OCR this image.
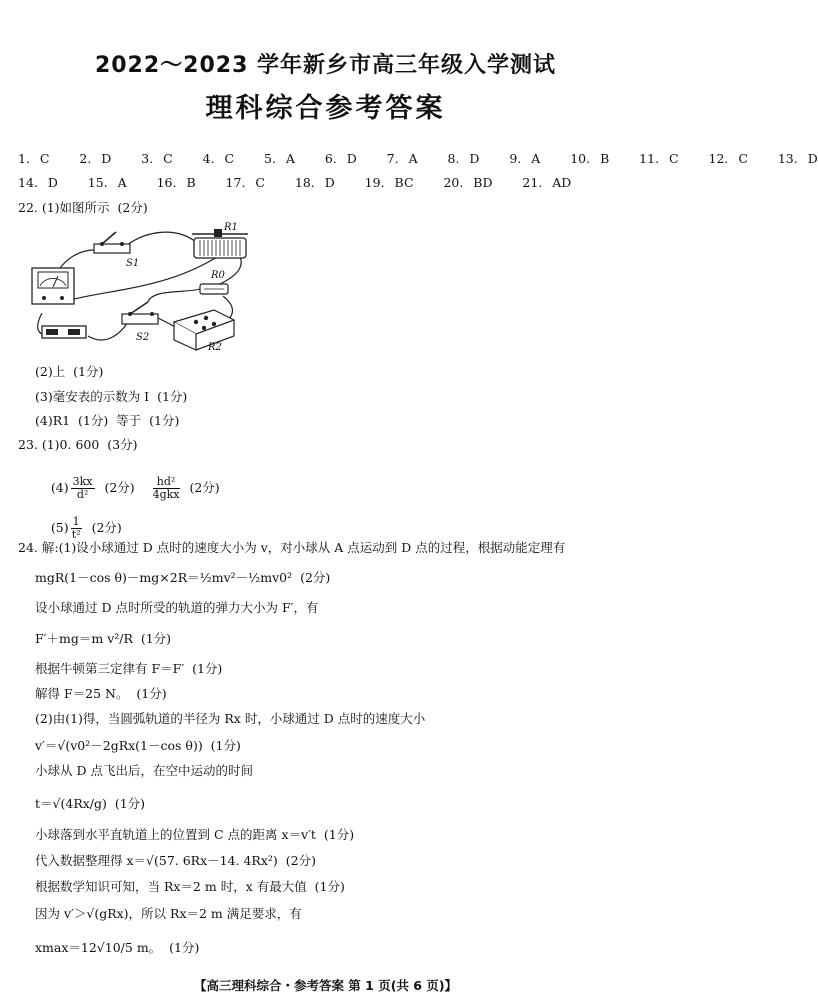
2022～2023 学年新乡市高三年级入学测试
理科综合参考答案
1. C   2. D   3. C   4. C   5. A   6. D   7. A   8. D   9. A   10. B   11. C   12. C   13. D
14. D   15. A   16. B   17. C   18. D   19. BC   20. BD   21. AD
22. (1)如图所示  (2分)
S1
R1
R0
S2
R2
(2)上  (1分)
(3)毫安表的示数为 I  (1分)
(4)R1  (1分)  等于  (1分)
23. (1)0. 600  (3分)

$(4) \frac{3kx}{\text{d²}} (2$分) $\frac{\text{hd²}}{\text{4gkx}} (2$分)

$(5) \frac{1}{\text{t²}} (2$分)

24. 解:(1)设小球通过 D 点时的速度大小为 v，对小球从 A 点运动到 D 点的过程，根据动能定理有
mgR(1－cos θ)－mg×2R＝½mv²－½mv0²  (2分)
设小球通过 D 点时所受的轨道的弹力大小为 F′，有
F′＋mg＝m v²/R  (1分)
根据牛顿第三定律有 F＝F′  (1分)
解得 F＝25 N。  (1分)
(2)由(1)得，当圆弧轨道的半径为 Rx 时，小球通过 D 点时的速度大小
v′＝√(v0²－2gRx(1－cos θ))  (1分)
小球从 D 点飞出后，在空中运动的时间
t＝√(4Rx/g)  (1分)
小球落到水平直轨道上的位置到 C 点的距离 x＝v′t  (1分)
代入数据整理得 x＝√(57. 6Rx－14. 4Rx²)  (2分)
根据数学知识可知，当 Rx＝2 m 时，x 有最大值  (1分)
因为 v′＞√(gRx)，所以 Rx＝2 m 满足要求，有
xmax＝12√10/5 m。  (1分)
【高三理科综合・参考答案 第 1 页(共 6 页)】
